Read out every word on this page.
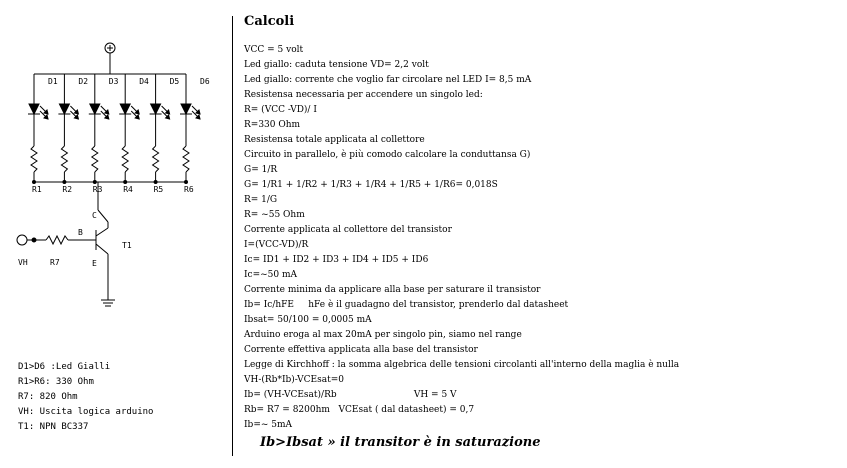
D1
R1
D2
R2
D3
R3
D4
R4
D5
R5
D6
R6
C
B
E
T1
VH	R7
D1>D6 :Led Gialli
R1>R6: 330 Ohm
R7: 820 Ohm
VH: Uscita logica arduino
T1: NPN BC337
Calcoli
VCC = 5 volt
Led giallo: caduta tensione VD= 2,2 volt
Led giallo: corrente che voglio far circolare nel LED I= 8,5 mA
Resistensa necessaria per accendere un singolo led:
R= (VCC -VD)/ I
R=330 Ohm
Resistensa totale applicata al collettore
Circuito in parallelo, è più comodo calcolare la conduttansa G)
G= 1/R
G= 1/R1 + 1/R2 + 1/R3 + 1/R4 + 1/R5 + 1/R6= 0,018S
R= 1/G
R= ~55 Ohm
Corrente applicata al collettore del transistor
I=(VCC-VD)/R
Ic= ID1 + ID2 + ID3 + ID4 + ID5 + ID6
Ic=~50 mA
Corrente minima da applicare alla base per saturare il transistor
Ib= Ic/hFE     hFe è il guadagno del transistor, prenderlo dal datasheet
Ibsat= 50/100 = 0,0005 mA
Arduino eroga al max 20mA per singolo pin, siamo nel range
Corrente effettiva applicata alla base del transistor
Legge di Kirchhoff : la somma algebrica delle tensioni circolanti all'interno della maglia è nulla
VH-(Rb*Ib)-VCEsat=0
Ib= (VH-VCEsat)/Rb                           VH = 5 V
Rb= R7 = 8200hm   VCEsat ( dal datasheet) = 0,7
Ib=~ 5mA
Ib>Ibsat » il transitor è in saturazione
